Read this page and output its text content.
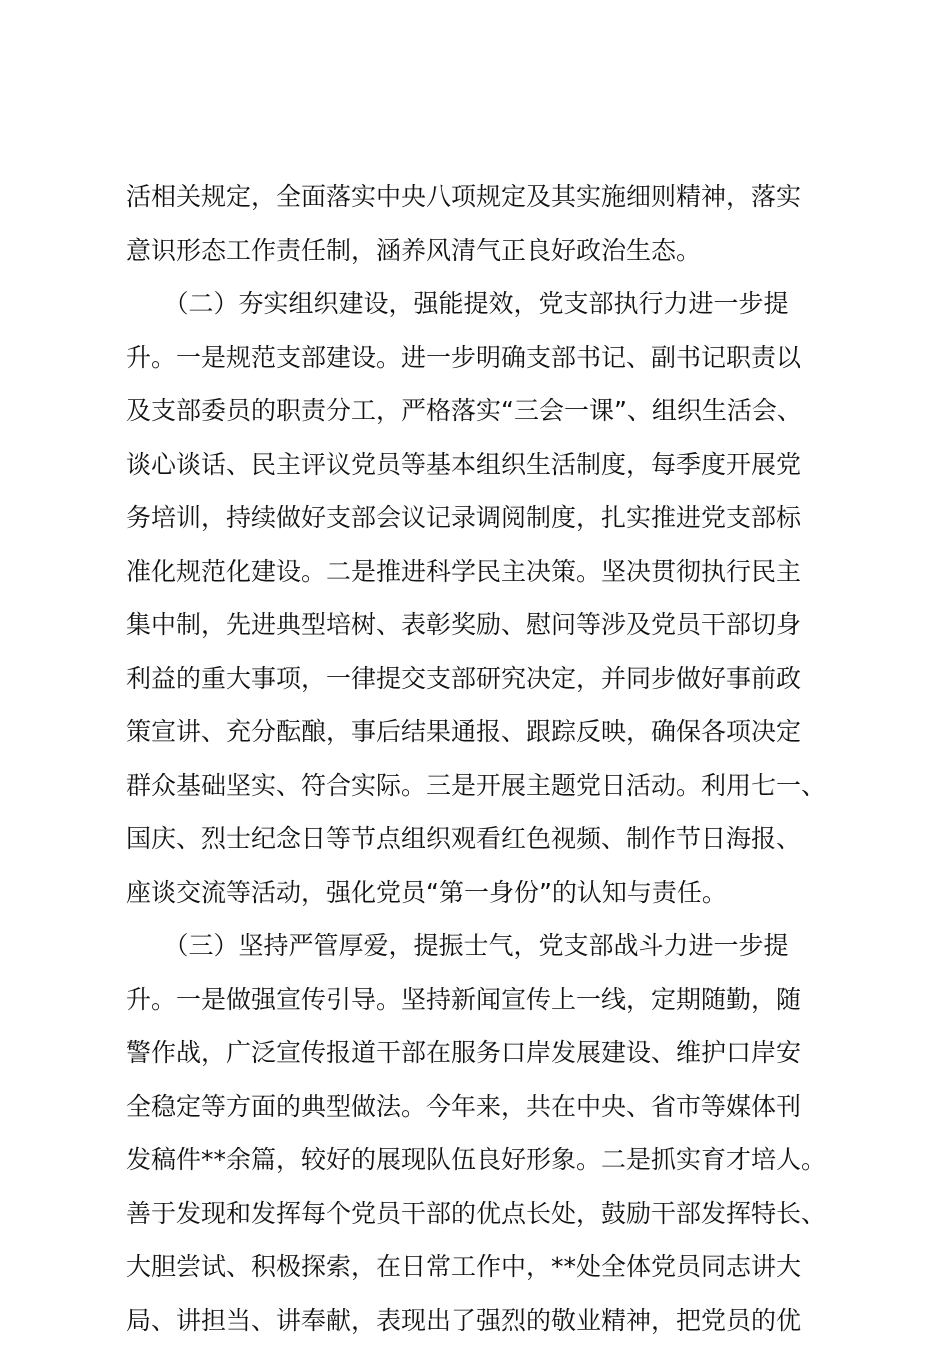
活相关规定，全面落实中央八项规定及其实施细则精神，落实
意识形态工作责任制，涵养风清气正良好政治生态。
　　（二）夯实组织建设，强能提效，党支部执行力进一步提
升。一是规范支部建设。进一步明确支部书记、副书记职责以
及支部委员的职责分工，严格落实“三会一课”、组织生活会、
谈心谈话、民主评议党员等基本组织生活制度，每季度开展党
务培训，持续做好支部会议记录调阅制度，扎实推进党支部标
准化规范化建设。二是推进科学民主决策。坚决贯彻执行民主
集中制，先进典型培树、表彰奖励、慰问等涉及党员干部切身
利益的重大事项，一律提交支部研究决定，并同步做好事前政
策宣讲、充分酝酿，事后结果通报、跟踪反映，确保各项决定
群众基础坚实、符合实际。三是开展主题党日活动。利用七一、
国庆、烈士纪念日等节点组织观看红色视频、制作节日海报、
座谈交流等活动，强化党员“第一身份”的认知与责任。
　　（三）坚持严管厚爱，提振士气，党支部战斗力进一步提
升。一是做强宣传引导。坚持新闻宣传上一线，定期随勤，随
警作战，广泛宣传报道干部在服务口岸发展建设、维护口岸安
全稳定等方面的典型做法。今年来，共在中央、省市等媒体刊
发稿件**余篇，较好的展现队伍良好形象。二是抓实育才培人。
善于发现和发挥每个党员干部的优点长处，鼓励干部发挥特长、
大胆尝试、积极探索，在日常工作中，**处全体党员同志讲大
局、讲担当、讲奉献，表现出了强烈的敬业精神，把党员的优
